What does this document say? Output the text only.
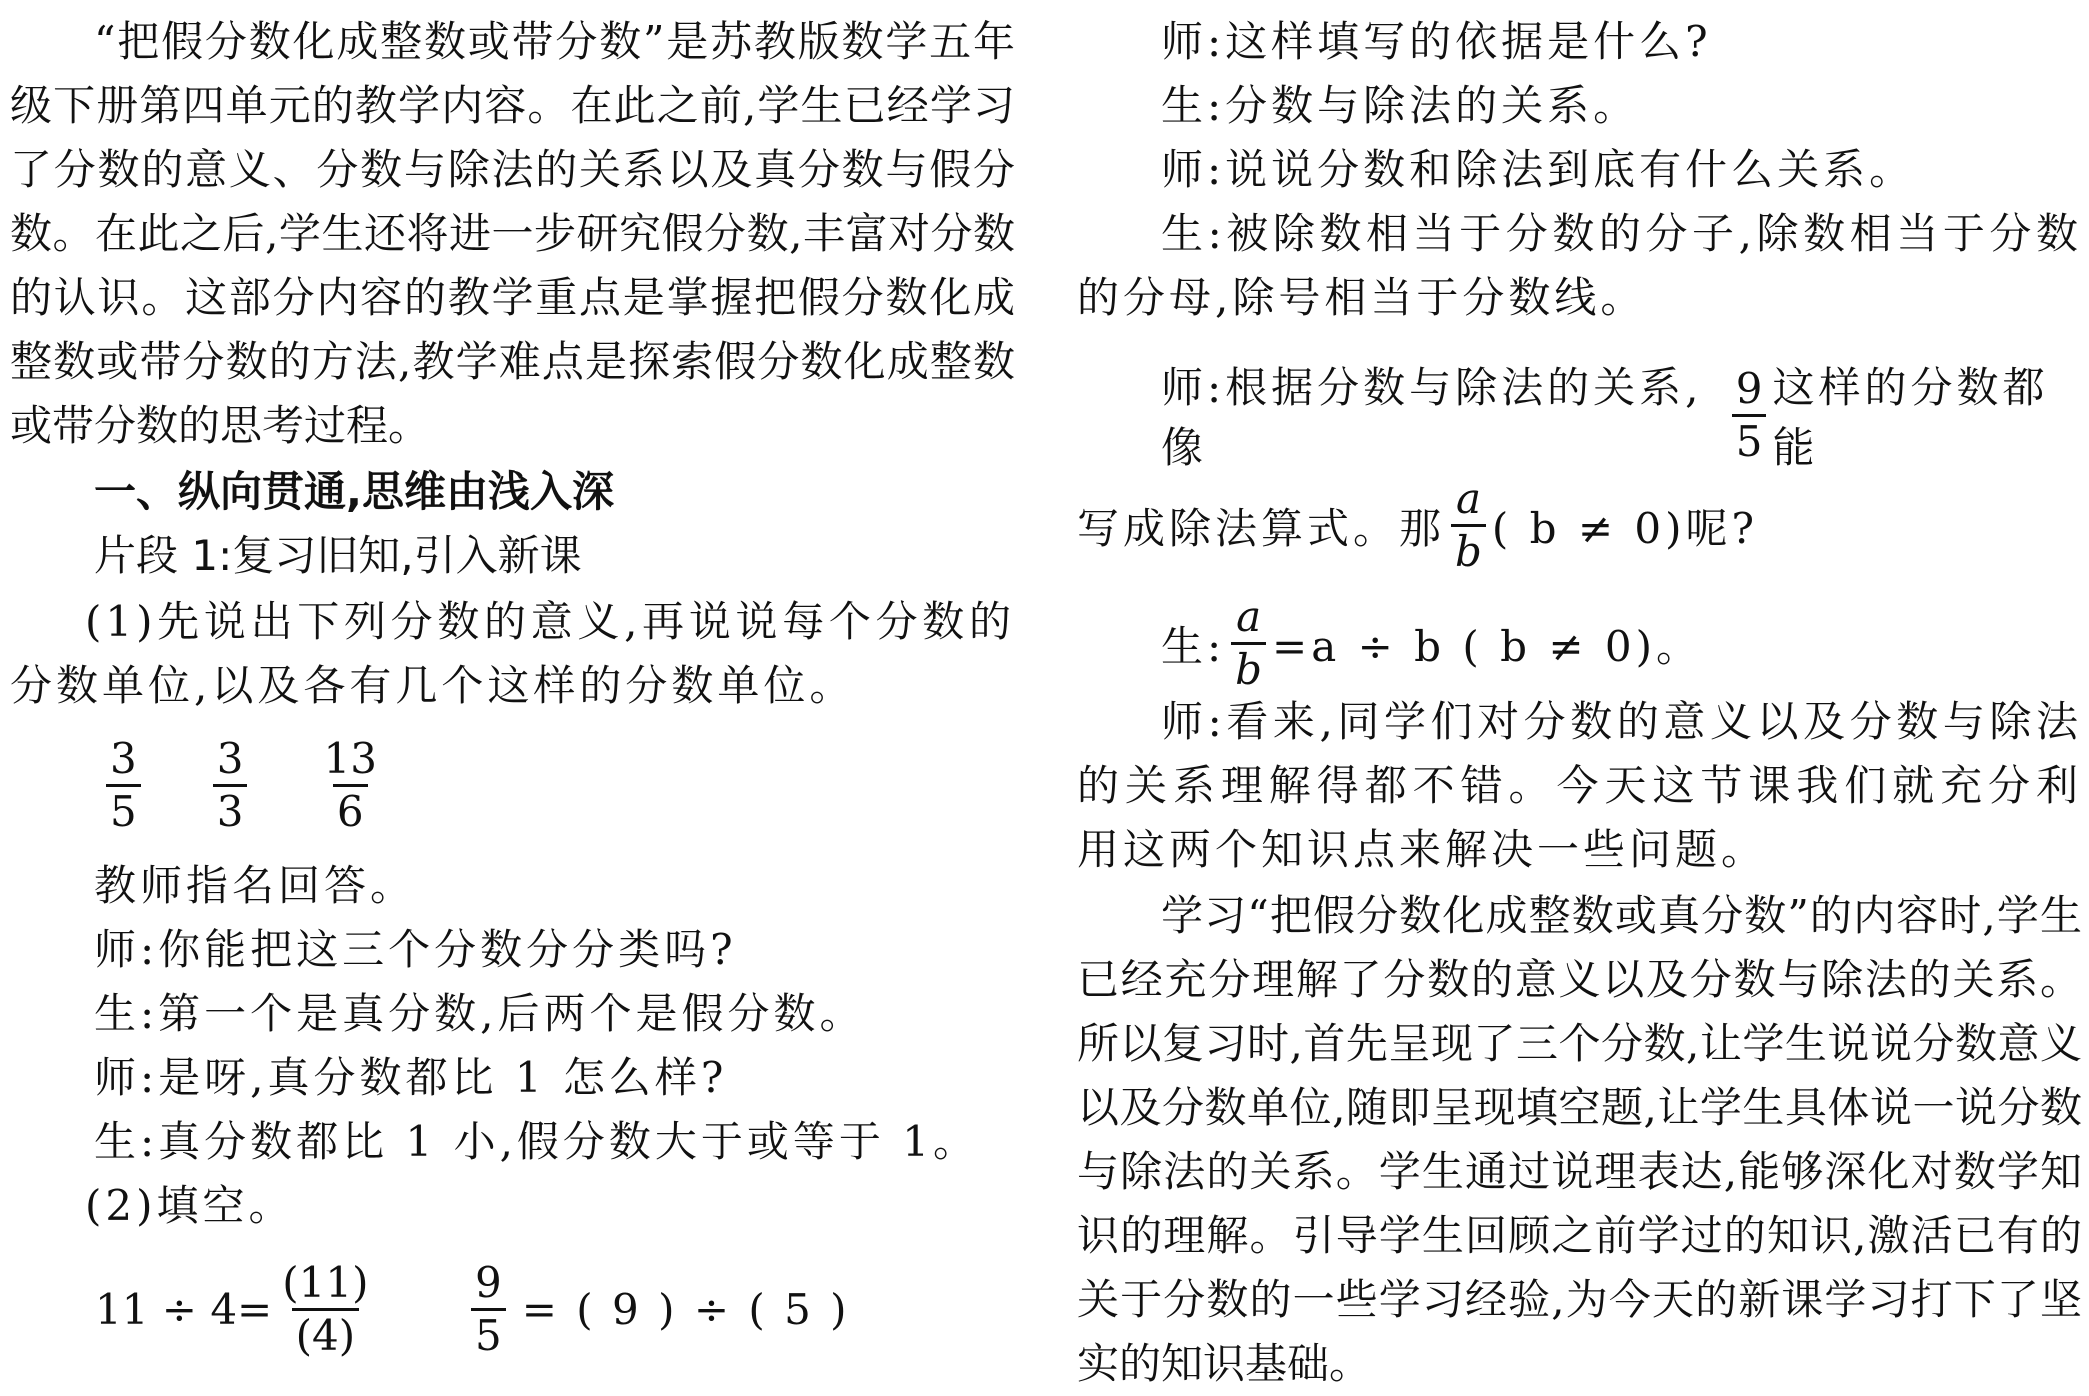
“把假分数化成整数或带分数”是苏教版数学五年级下册第四单元的教学内容。在此之前,学生已经学习了分数的意义、分数与除法的关系以及真分数与假分数。在此之后,学生还将进一步研究假分数,丰富对分数的认识。这部分内容的教学重点是掌握把假分数化成整数或带分数的方法,教学难点是探索假分数化成整数或带分数的思考过程。

一、纵向贯通,思维由浅入深

片段 1:复习旧知,引入新课

(1)先说出下列分数的意义,再说说每个分数的分数单位,以及各有几个这样的分数单位。

$\frac{3}{5} \frac{3}{3} \frac{13}{6}$

教师指名回答。

师:你能把这三个分数分分类吗?

生:第一个是真分数,后两个是假分数。

师:是呀,真分数都比 1 怎么样?

生:真分数都比 1 小,假分数大于或等于 1。

(2)填空。

$11 \div 4= \frac{(11)}{(4)} \frac{9}{5}$ = ( 9 ) ÷ ( 5 )

师:这样填写的依据是什么?

生:分数与除法的关系。

师:说说分数和除法到底有什么关系。

生:被除数相当于分数的分子,除数相当于分数的分母,除号相当于分数线。

师:根据分数与除法的关系,像	$\frac{9}{5}$ 这样的分数都能
写成除法算式。那 $\frac{a}{b}$ ( b ≠ 0)呢?
生: $\frac{a}{b} =a \div b$ ( b ≠ 0)。

师:看来,同学们对分数的意义以及分数与除法的关系理解得都不错。今天这节课我们就充分利用这两个知识点来解决一些问题。

学习“把假分数化成整数或真分数”的内容时,学生已经充分理解了分数的意义以及分数与除法的关系。所以复习时,首先呈现了三个分数,让学生说说分数意义以及分数单位,随即呈现填空题,让学生具体说一说分数与除法的关系。学生通过说理表达,能够深化对数学知识的理解。引导学生回顾之前学过的知识,激活已有的关于分数的一些学习经验,为今天的新课学习打下了坚实的知识基础。
